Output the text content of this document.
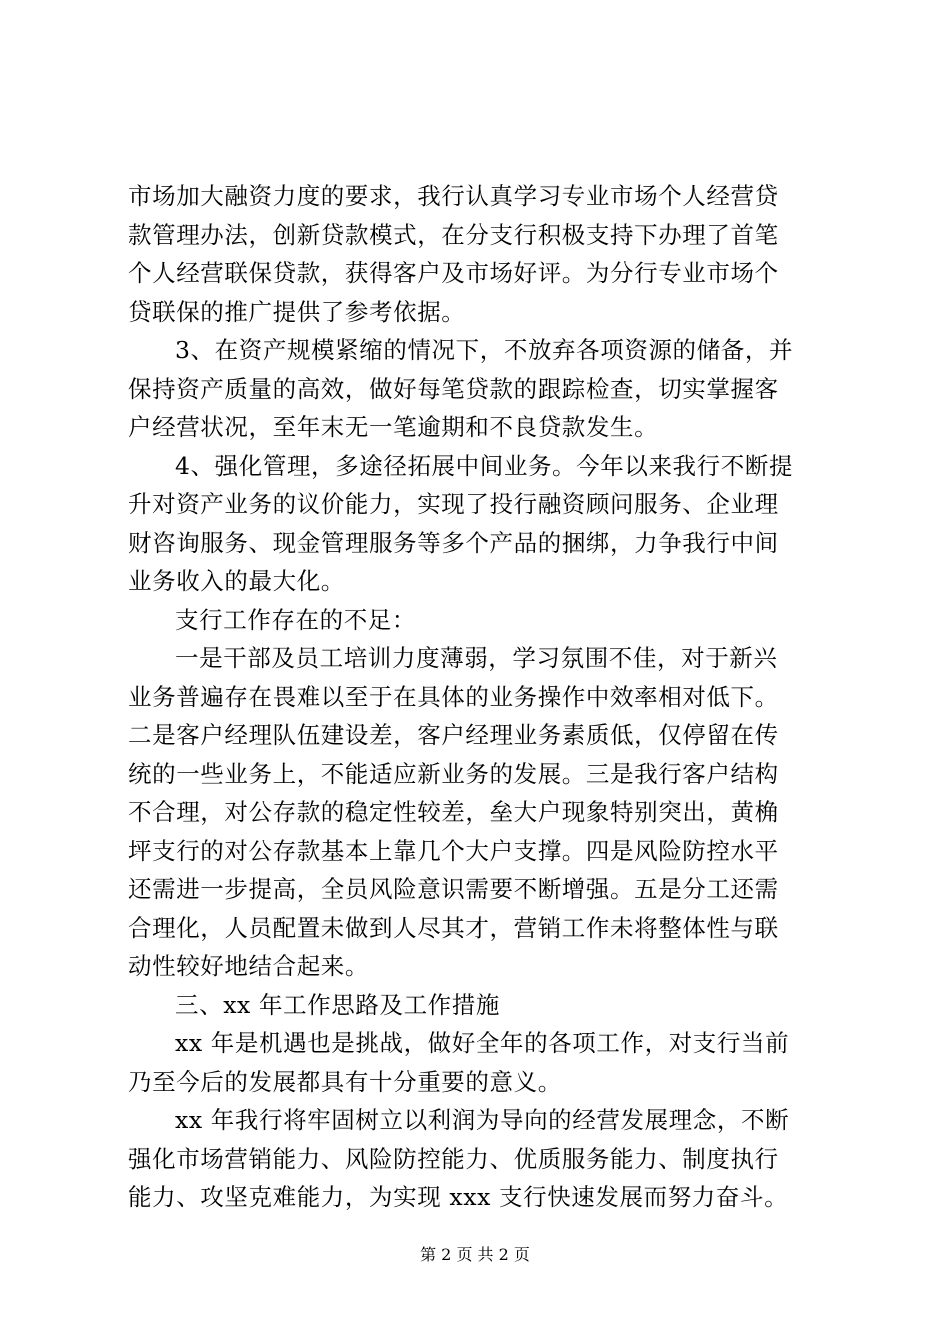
市场加大融资力度的要求，我行认真学习专业市场个人经营贷
款管理办法，创新贷款模式，在分支行积极支持下办理了首笔
个人经营联保贷款，获得客户及市场好评。为分行专业市场个
贷联保的推广提供了参考依据。
3、在资产规模紧缩的情况下，不放弃各项资源的储备，并
保持资产质量的高效，做好每笔贷款的跟踪检查，切实掌握客
户经营状况，至年末无一笔逾期和不良贷款发生。
4、强化管理，多途径拓展中间业务。今年以来我行不断提
升对资产业务的议价能力，实现了投行融资顾问服务、企业理
财咨询服务、现金管理服务等多个产品的捆绑，力争我行中间
业务收入的最大化。
支行工作存在的不足：
一是干部及员工培训力度薄弱，学习氛围不佳，对于新兴
业务普遍存在畏难以至于在具体的业务操作中效率相对低下。
二是客户经理队伍建设差，客户经理业务素质低，仅停留在传
统的一些业务上，不能适应新业务的发展。三是我行客户结构
不合理，对公存款的稳定性较差，垒大户现象特别突出，黄桷
坪支行的对公存款基本上靠几个大户支撑。四是风险防控水平
还需进一步提高，全员风险意识需要不断增强。五是分工还需
合理化，人员配置未做到人尽其才，营销工作未将整体性与联
动性较好地结合起来。
三、xx 年工作思路及工作措施
xx 年是机遇也是挑战，做好全年的各项工作，对支行当前
乃至今后的发展都具有十分重要的意义。
xx 年我行将牢固树立以利润为导向的经营发展理念，不断
强化市场营销能力、风险防控能力、优质服务能力、制度执行
能力、攻坚克难能力，为实现 xxx 支行快速发展而努力奋斗。
第 2 页 共 2 页
